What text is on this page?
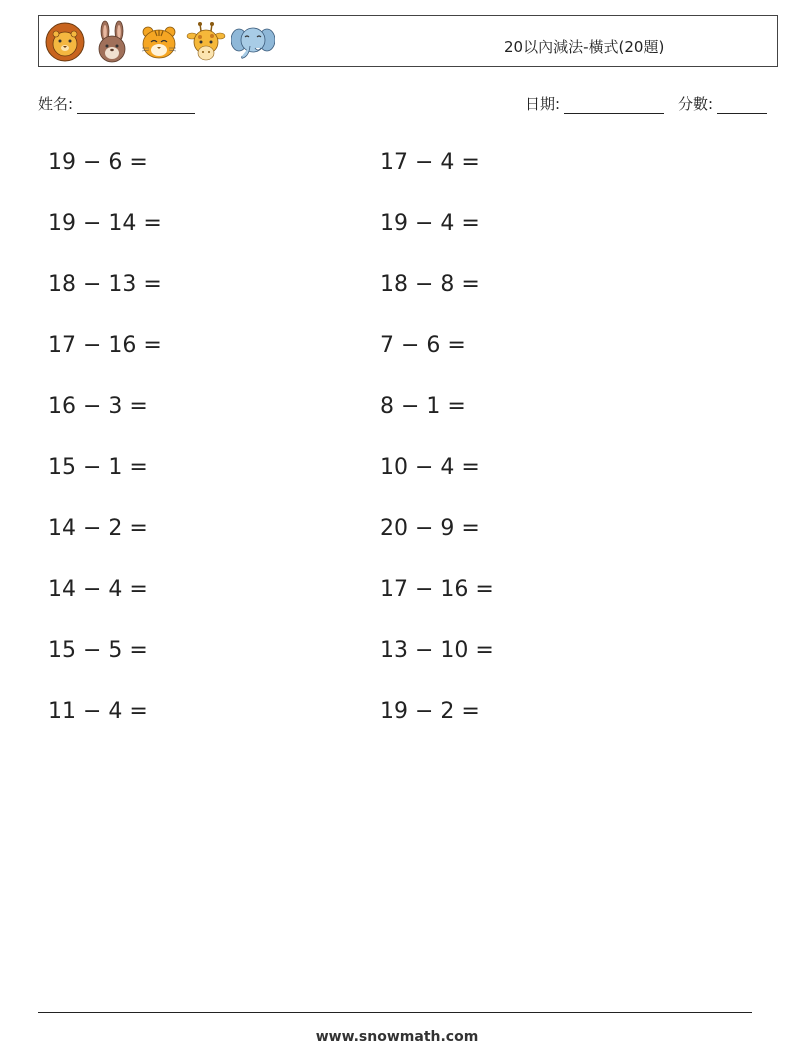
20以內減法-橫式(20題)
姓名:	日期:	分數:
19 − 6 =	17 − 4 =
19 − 14 =	19 − 4 =
18 − 13 =	18 − 8 =
17 − 16 =	7 − 6 =
16 − 3 =	8 − 1 =
15 − 1 =	10 − 4 =
14 − 2 =	20 − 9 =
14 − 4 =	17 − 16 =
15 − 5 =	13 − 10 =
11 − 4 =	19 − 2 =
www.snowmath.com
